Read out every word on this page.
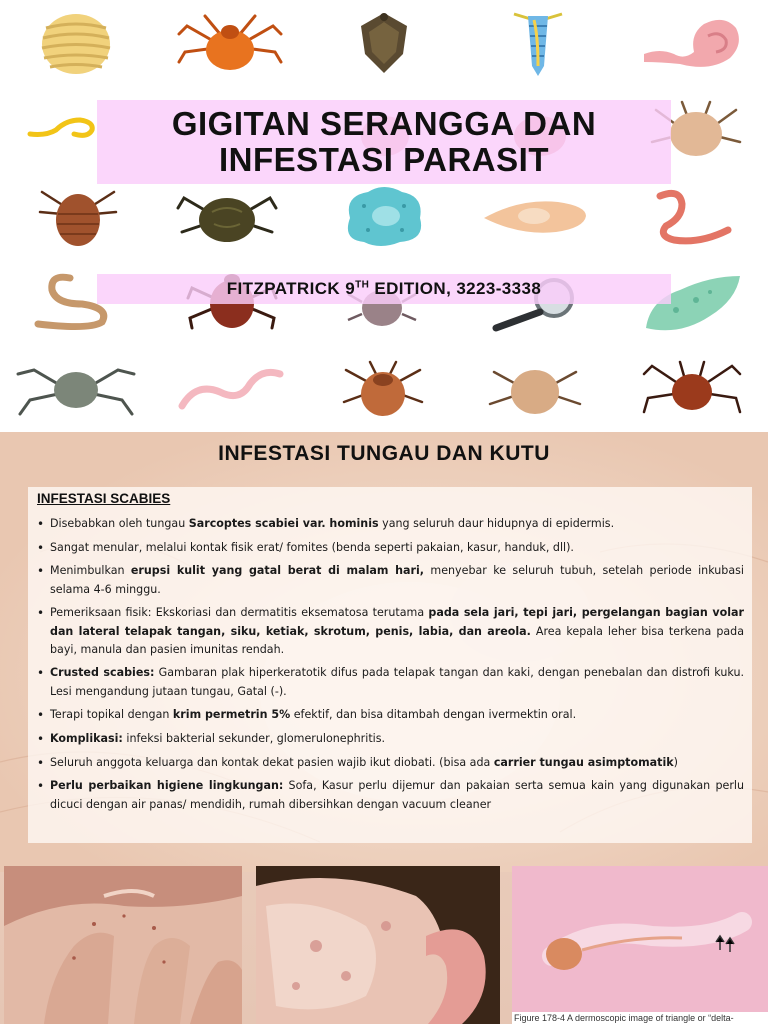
GIGITAN SERANGGA DAN
INFESTASI PARASIT
FITZPATRICK 9TH EDITION, 3223-3338
INFESTASI TUNGAU DAN KUTU
INFESTASI SCABIES
• Disebabkan oleh tungau Sarcoptes scabiei var. hominis yang seluruh daur hidupnya di epidermis.
• Sangat menular, melalui kontak fisik erat/ fomites (benda seperti pakaian, kasur, handuk, dll).
• Menimbulkan erupsi kulit yang gatal berat di malam hari, menyebar ke seluruh tubuh, setelah periode inkubasi selama 4-6 minggu.
• Pemeriksaan fisik: Ekskoriasi dan dermatitis eksematosa terutama pada sela jari, tepi jari, pergelangan bagian volar dan lateral telapak tangan, siku, ketiak, skrotum, penis, labia, dan areola. Area kepala leher bisa terkena pada bayi, manula dan pasien imunitas rendah.
• Crusted scabies: Gambaran plak hiperkeratotik difus pada telapak tangan dan kaki, dengan penebalan dan distrofi kuku. Lesi mengandung jutaan tungau, Gatal (-).
• Terapi topikal dengan krim permetrin 5% efektif, dan bisa ditambah dengan ivermektin oral.
• Komplikasi: infeksi bakterial sekunder, glomerulonephritis.
• Seluruh anggota keluarga dan kontak dekat pasien wajib ikut diobati. (bisa ada carrier tungau asimptomatik)
• Perlu perbaikan higiene lingkungan: Sofa, Kasur perlu dijemur dan pakaian serta semua kain yang digunakan perlu dicuci dengan air panas/ mendidih, rumah dibersihkan dengan vacuum cleaner
Figure 178-4 A dermoscopic image of triangle or “delta-
